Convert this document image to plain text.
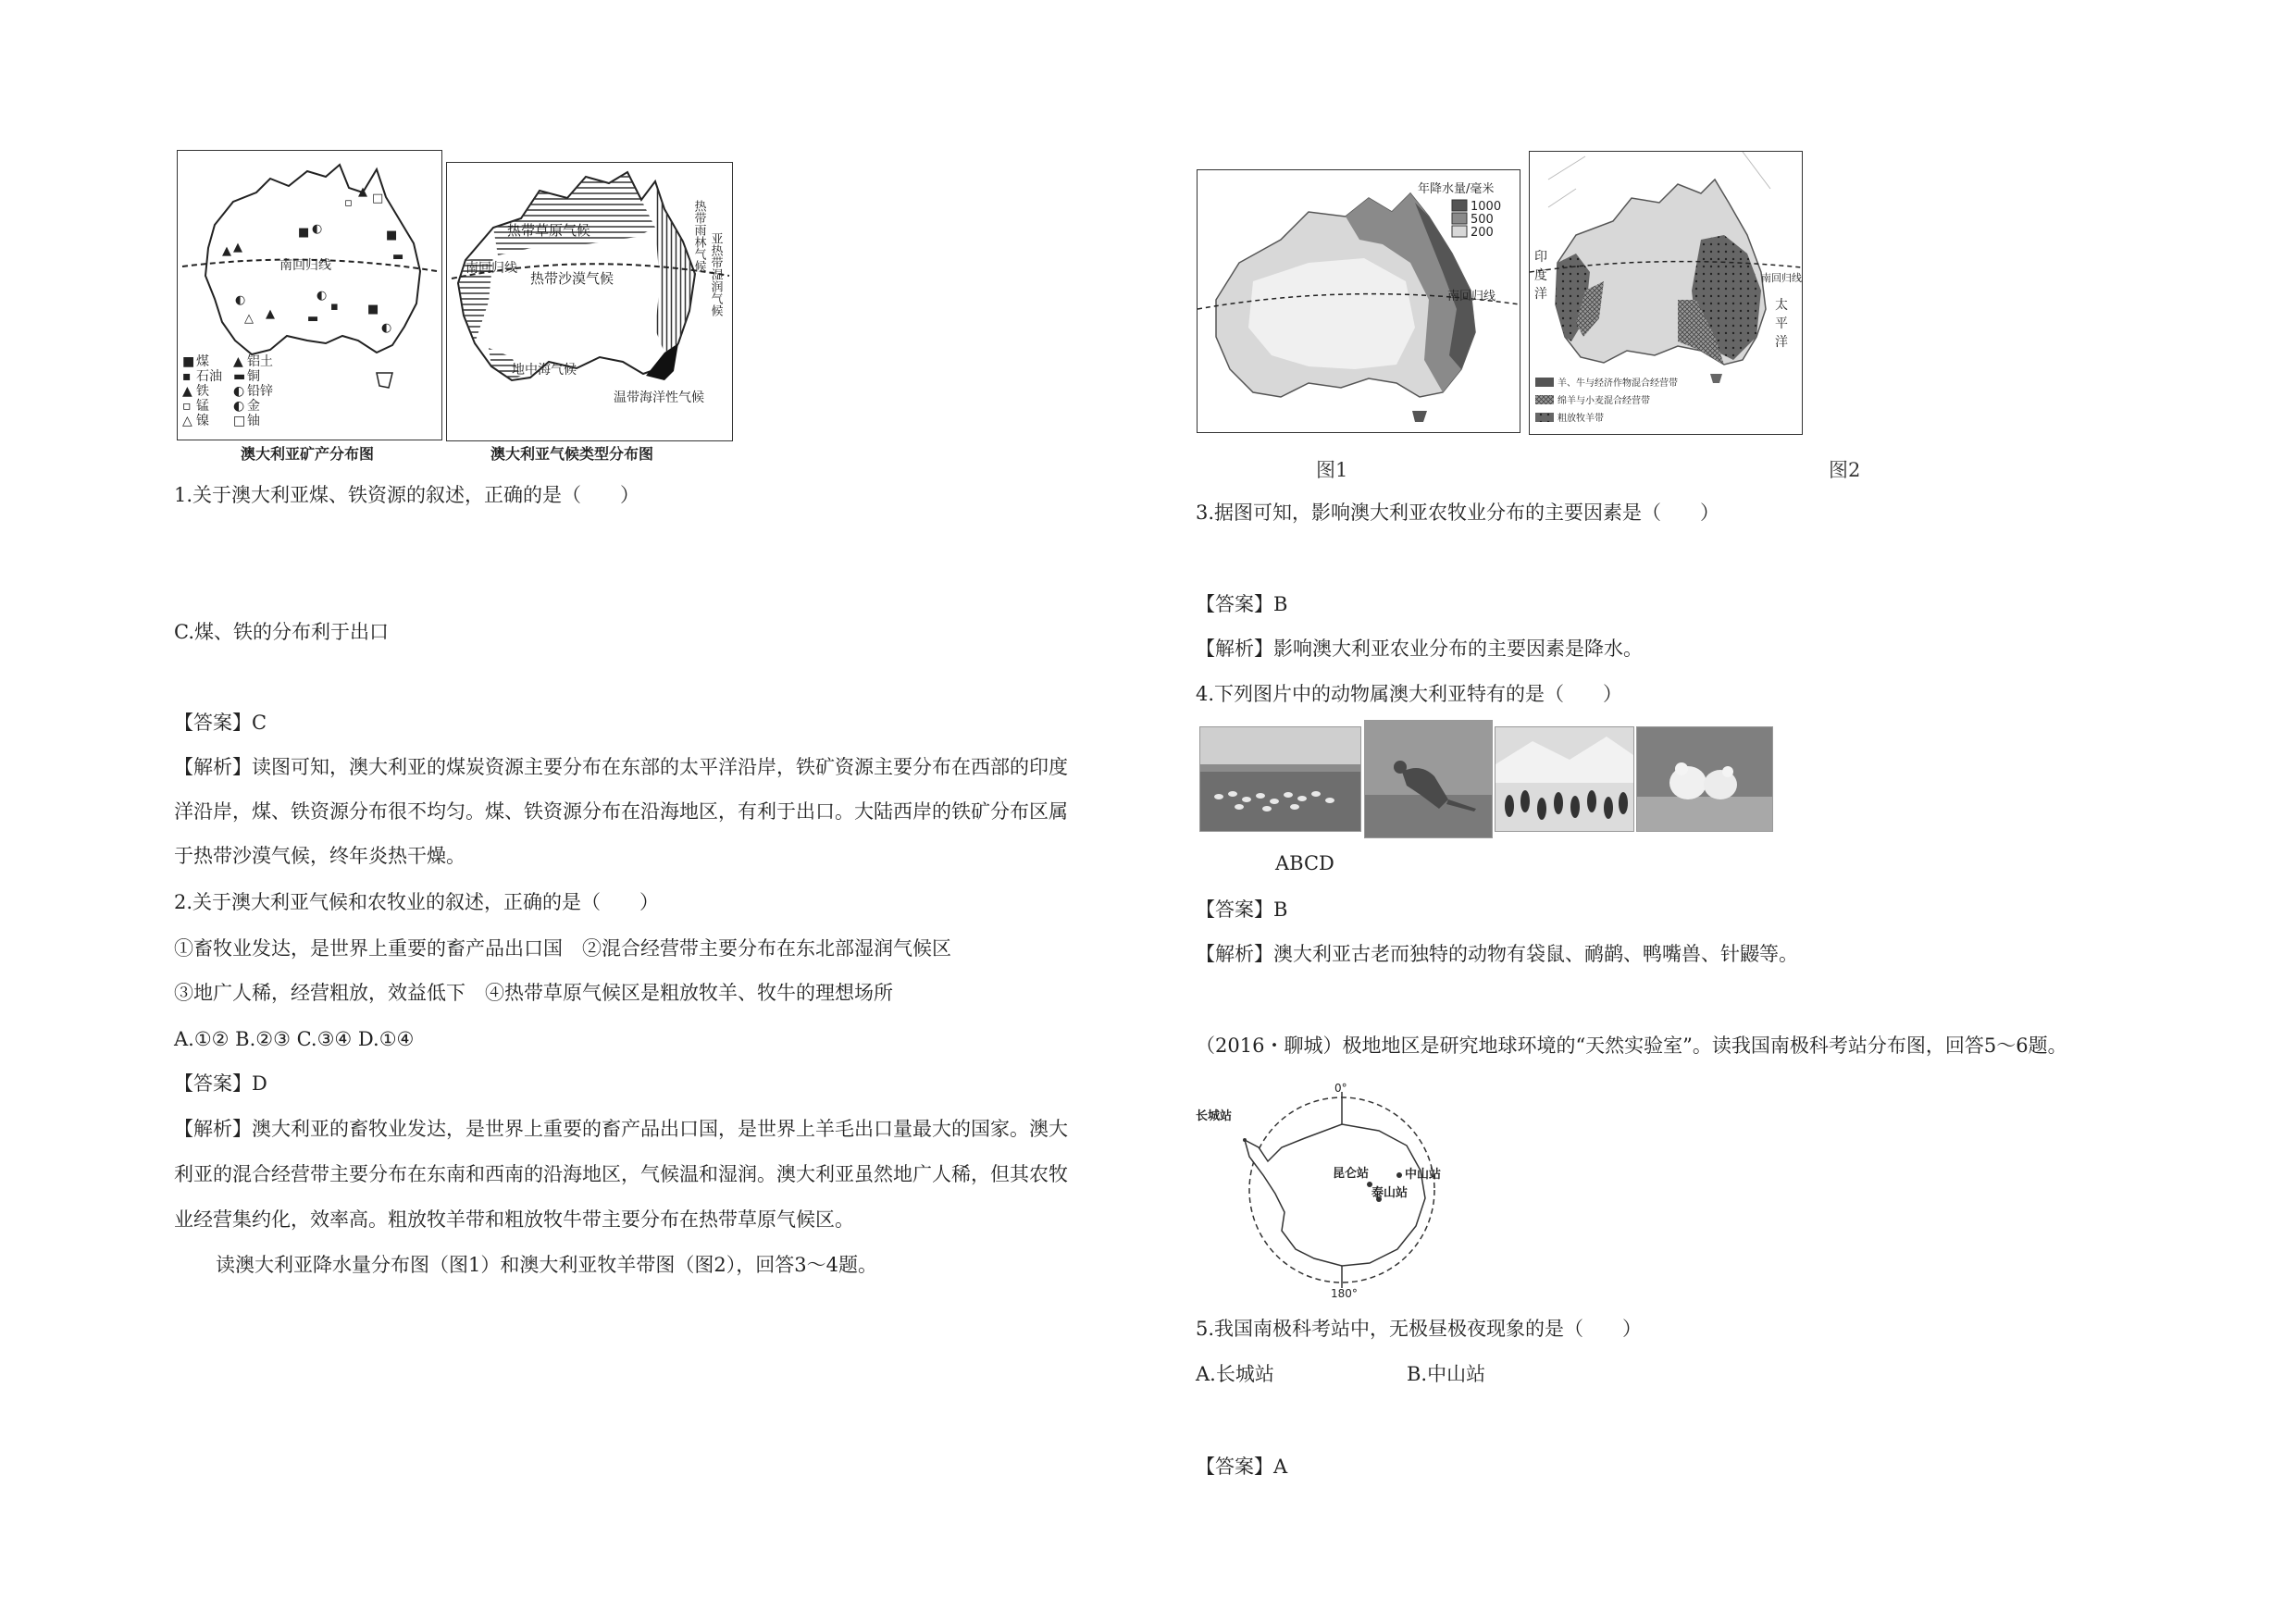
南回归线
▲ ▲
■ ◐
▫
▲ □
■
▬
◐
△
◐
▪ ■
◐
▬
▲
■ 煤 ▲ 铝土
▪ 石油 ▬ 铜
▲ 铁 ◐ 铅锌
▫ 锰 ◐ 金
△ 镍 □ 铀
澳大利亚矿产分布图
热带草原气候
南回归线
热带沙漠气候
地中海气候
温带海洋性气候
热带雨林气候 亚热带湿润气候
澳大利亚气候类型分布图
1.关于澳大利亚煤、铁资源的叙述，正确的是（　　）
C.煤、铁的分布利于出口
【答案】C
【解析】读图可知，澳大利亚的煤炭资源主要分布在东部的太平洋沿岸，铁矿资源主要分布在西部的印度
洋沿岸，煤、铁资源分布很不均匀。煤、铁资源分布在沿海地区，有利于出口。大陆西岸的铁矿分布区属
于热带沙漠气候，终年炎热干燥。
2.关于澳大利亚气候和农牧业的叙述，正确的是（　　）
①畜牧业发达，是世界上重要的畜产品出口国　②混合经营带主要分布在东北部湿润气候区
③地广人稀，经营粗放，效益低下　④热带草原气候区是粗放牧羊、牧牛的理想场所
A.①② B.②③ C.③④ D.①④
【答案】D
【解析】澳大利亚的畜牧业发达，是世界上重要的畜产品出口国，是世界上羊毛出口量最大的国家。澳大
利亚的混合经营带主要分布在东南和西南的沿海地区，气候温和湿润。澳大利亚虽然地广人稀，但其农牧
业经营集约化，效率高。粗放牧羊带和粗放牧牛带主要分布在热带草原气候区。
读澳大利亚降水量分布图（图1）和澳大利亚牧羊带图（图2），回答3～4题。
南回归线
年降水量/毫米
1000
500
200
图1
南回归线
印
度
洋
太
平
洋
羊、牛与经济作物混合经营带
绵羊与小麦混合经营带
粗放牧羊带
图2
3.据图可知，影响澳大利亚农牧业分布的主要因素是（　　）
【答案】B
【解析】影响澳大利亚农业分布的主要因素是降水。
4.下列图片中的动物属澳大利亚特有的是（　　）
ABCD
【答案】B
【解析】澳大利亚古老而独特的动物有袋鼠、鸸鹋、鸭嘴兽、针鼹等。
（2016・聊城）极地地区是研究地球环境的“天然实验室”。读我国南极科考站分布图，回答5～6题。
0°
180°
长城站
中山站
昆仑站
泰山站
5.我国南极科考站中，无极昼极夜现象的是（　　）
A.长城站	B.中山站
【答案】A
